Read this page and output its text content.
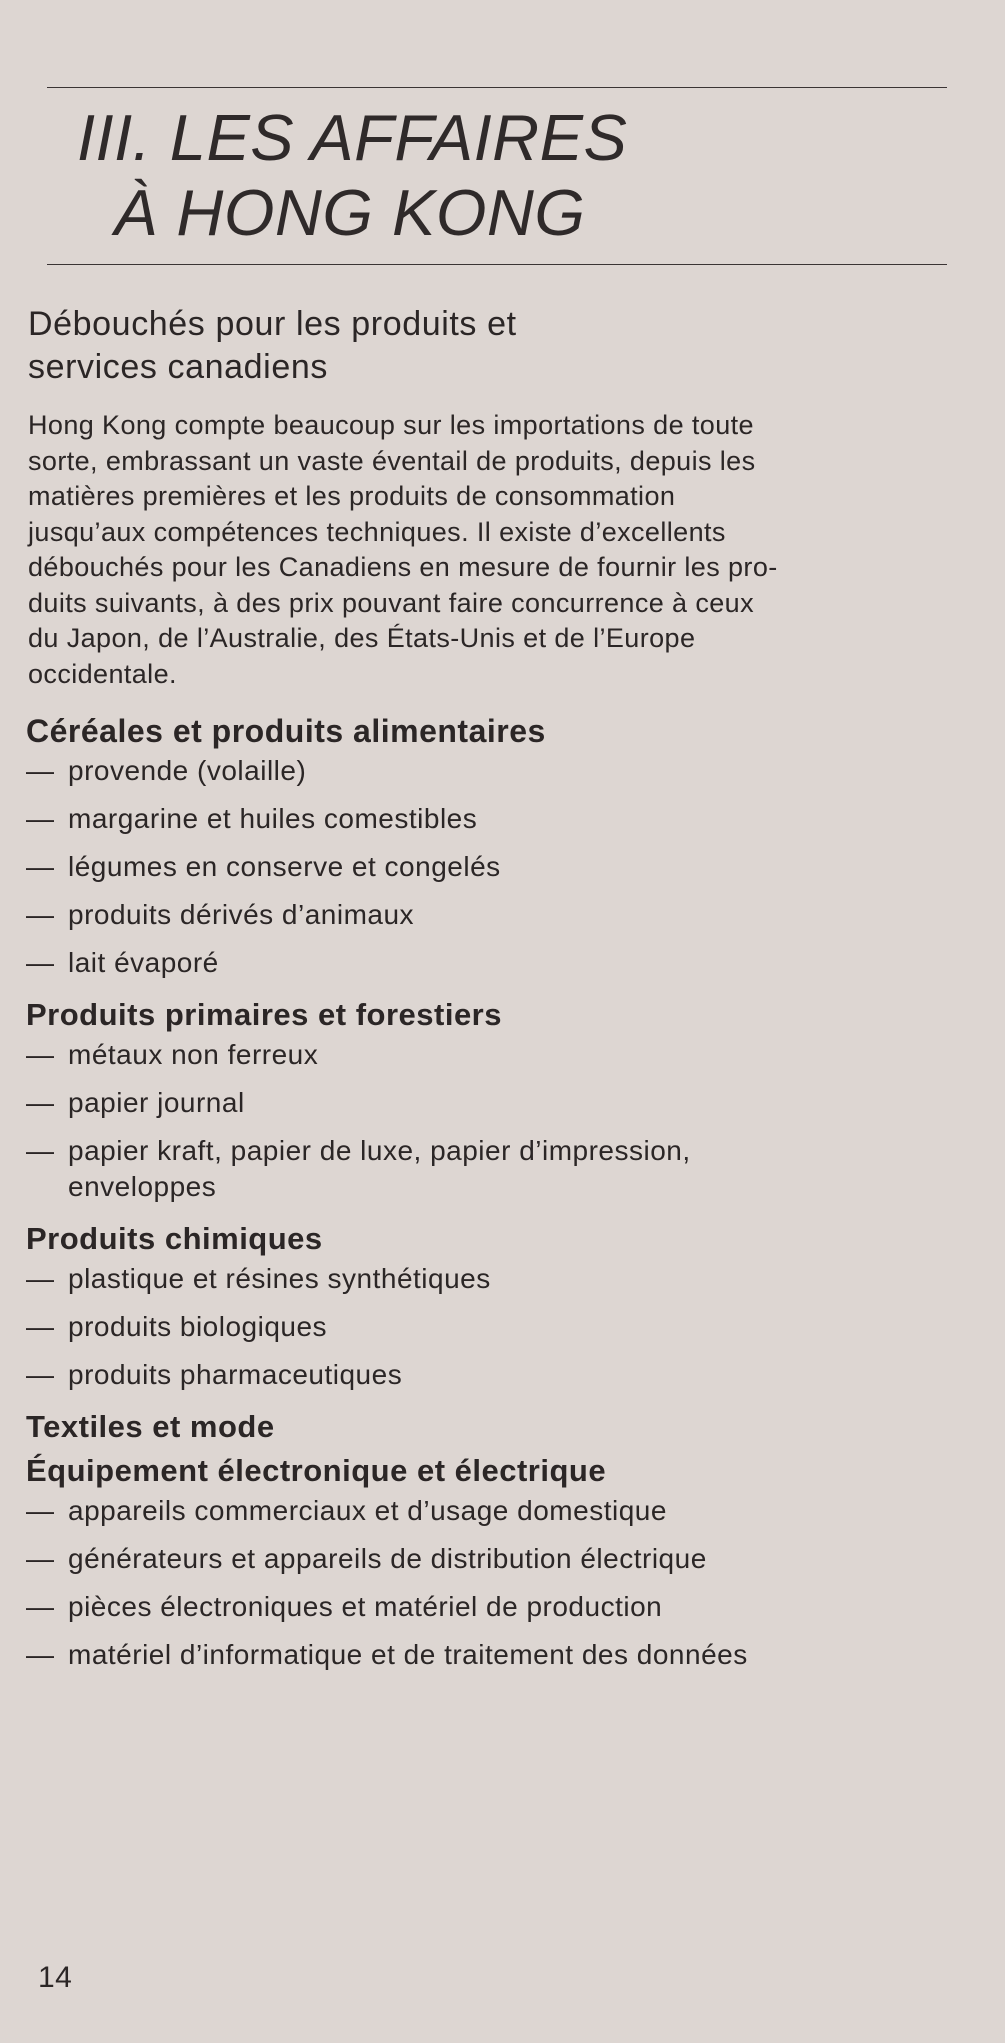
III. LES AFFAIRES
À HONG KONG
Débouchés pour les produits et
services canadiens

Hong Kong compte beaucoup sur les importations de toute
sorte, embrassant un vaste éventail de produits, depuis les
matières premières et les produits de consommation
jusqu’aux compétences techniques. Il existe d’excellents
débouchés pour les Canadiens en mesure de fournir les pro-
duits suivants, à des prix pouvant faire concurrence à ceux
du Japon, de l’Australie, des États-Unis et de l’Europe
occidentale.

Céréales et produits alimentaires
— provende (volaille)
— margarine et huiles comestibles
— légumes en conserve et congelés
— produits dérivés d’animaux
— lait évaporé
Produits primaires et forestiers
— métaux non ferreux
— papier journal
— papier kraft, papier de luxe, papier d’impression,
enveloppes
Produits chimiques
— plastique et résines synthétiques
— produits biologiques
— produits pharmaceutiques
Textiles et mode
Équipement électronique et électrique
— appareils commerciaux et d’usage domestique
— générateurs et appareils de distribution électrique
— pièces électroniques et matériel de production
— matériel d’informatique et de traitement des données
14
